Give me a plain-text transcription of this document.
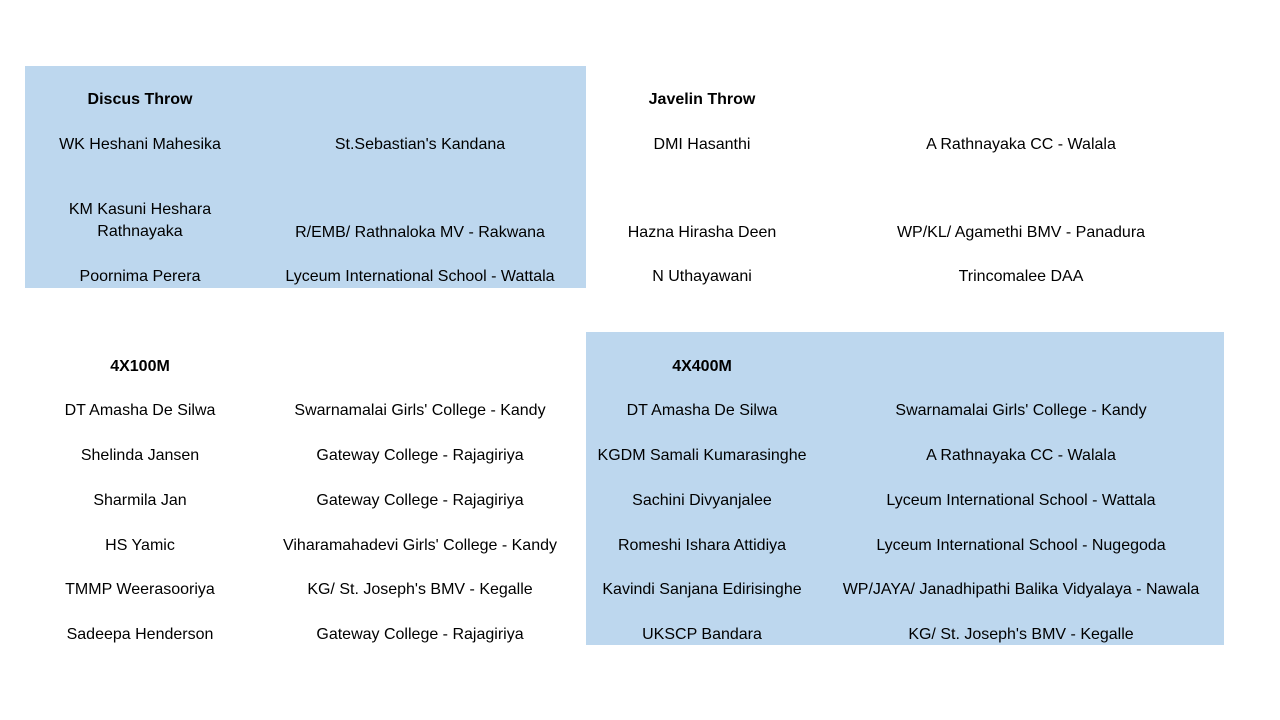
Discus Throw
WK Heshani Mahesika	St.Sebastian's Kandana
KM Kasuni Heshara
Rathnayaka	R/EMB/ Rathnaloka MV - Rakwana
Poornima Perera	Lyceum International School - Wattala
Javelin Throw
DMI Hasanthi	A Rathnayaka CC - Walala
Hazna Hirasha Deen	WP/KL/ Agamethi BMV - Panadura
N Uthayawani	Trincomalee DAA
4X100M
DT Amasha De Silwa	Swarnamalai Girls' College - Kandy
Shelinda Jansen	Gateway College - Rajagiriya
Sharmila Jan	Gateway College - Rajagiriya
HS Yamic	Viharamahadevi Girls' College - Kandy
TMMP Weerasooriya	KG/ St. Joseph's BMV - Kegalle
Sadeepa Henderson	Gateway College - Rajagiriya
4X400M
DT Amasha De Silwa	Swarnamalai Girls' College - Kandy
KGDM Samali Kumarasinghe	A Rathnayaka CC - Walala
Sachini Divyanjalee	Lyceum International School - Wattala
Romeshi Ishara Attidiya	Lyceum International School - Nugegoda
Kavindi Sanjana Edirisinghe	WP/JAYA/ Janadhipathi Balika Vidyalaya - Nawala
UKSCP Bandara	KG/ St. Joseph's BMV - Kegalle
